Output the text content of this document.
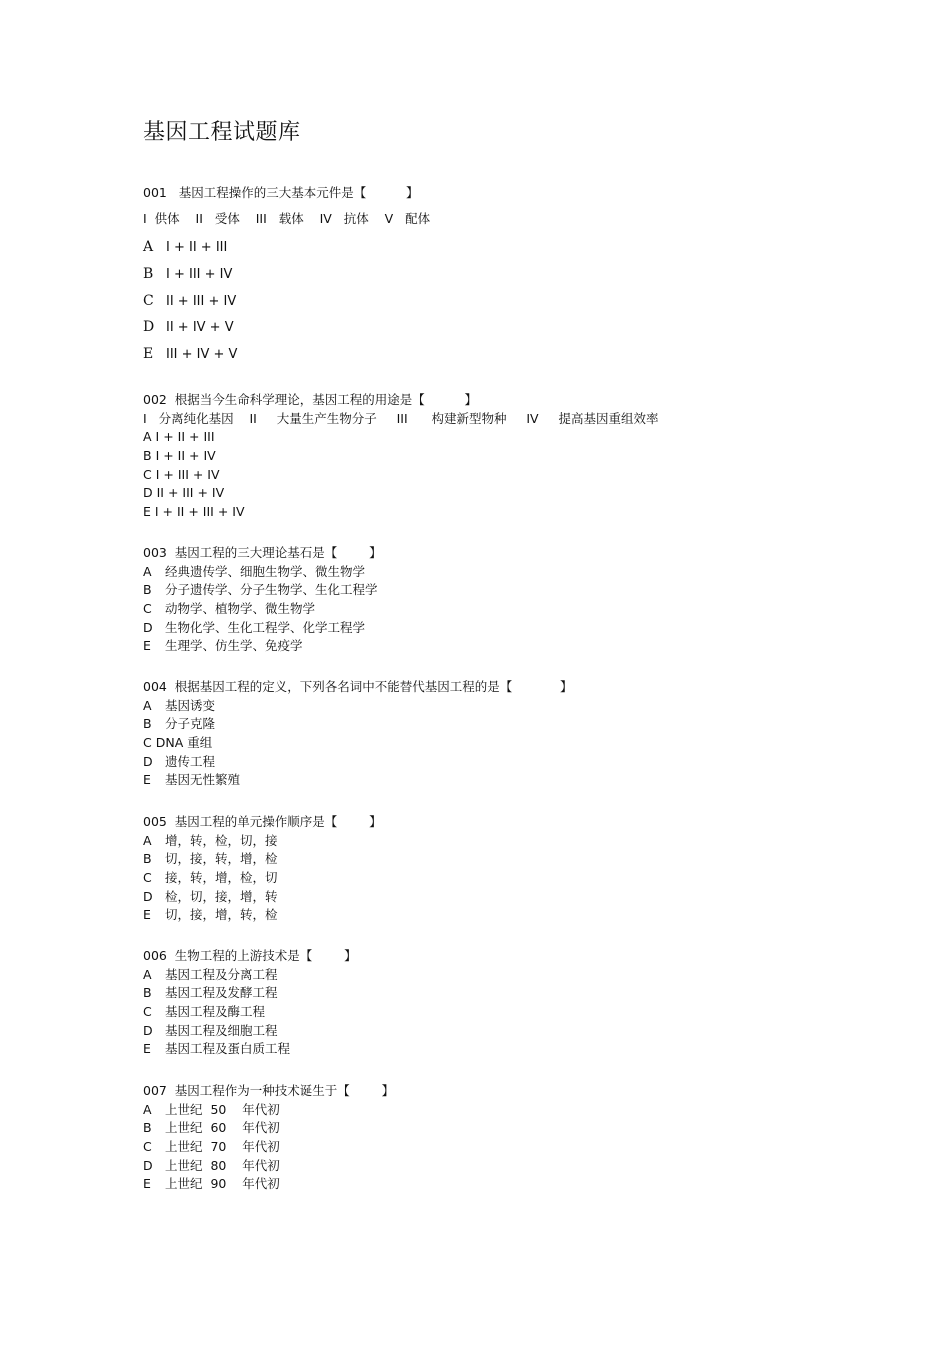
基因工程试题库
001   基因工程操作的三大基本元件是【          】
I  供体    II   受体    III   载体    IV   抗体    V   配体
A I + II + III
B I + III + IV
C II + III + IV
D II + IV + V
E III + IV + V
002  根据当今生命科学理论，基因工程的用途是【          】
I   分离纯化基因    II     大量生产生物分子     III      构建新型物种     IV     提高基因重组效率
A I + II + III
B I + II + IV
C I + III + IV
D II + III + IV
E I + II + III + IV
003  基因工程的三大理论基石是【        】
A 经典遗传学、细胞生物学、微生物学
B 分子遗传学、分子生物学、生化工程学
C 动物学、植物学、微生物学
D 生物化学、生化工程学、化学工程学
E 生理学、仿生学、免疫学
004  根据基因工程的定义，下列各名词中不能替代基因工程的是【            】
A 基因诱变
B 分子克隆
C DNA 重组
D 遗传工程
E 基因无性繁殖
005  基因工程的单元操作顺序是【        】
A 增，转，检，切，接
B 切，接，转，增，检
C 接，转，增，检，切
D 检，切，接，增，转
E 切，接，增，转，检
006  生物工程的上游技术是【        】
A 基因工程及分离工程
B 基因工程及发酵工程
C 基因工程及酶工程
D 基因工程及细胞工程
E 基因工程及蛋白质工程
007  基因工程作为一种技术诞生于【        】
A 上世纪  50    年代初
B 上世纪  60    年代初
C 上世纪  70    年代初
D 上世纪  80    年代初
E 上世纪  90    年代初
